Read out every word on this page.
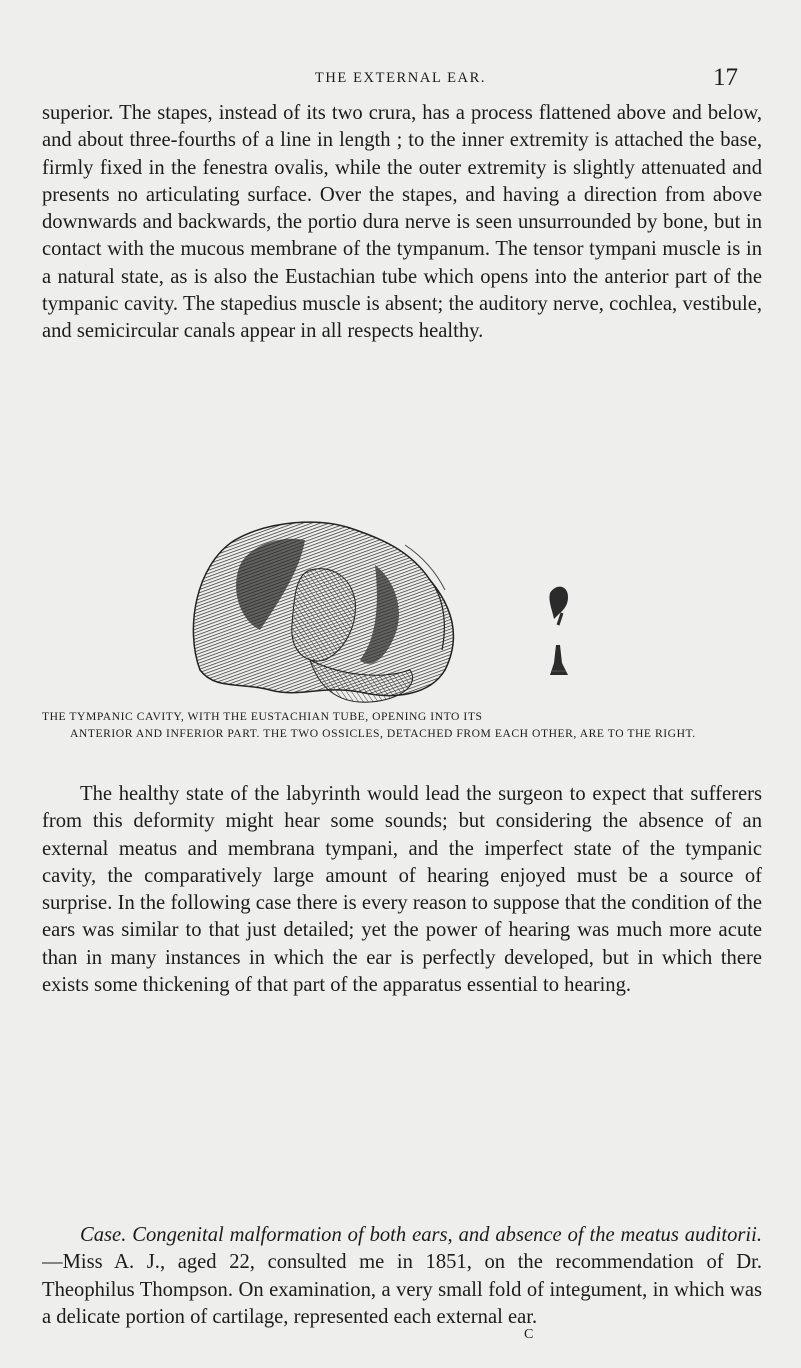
THE EXTERNAL EAR.	17

superior. The stapes, instead of its two crura, has a process flattened above and below, and about three-fourths of a line in length ; to the inner extremity is attached the base, firmly fixed in the fenestra ovalis, while the outer extremity is slightly attenuated and presents no articulating surface. Over the stapes, and having a direction from above downwards and backwards, the portio dura nerve is seen unsurrounded by bone, but in contact with the mucous membrane of the tympanum. The tensor tympani muscle is in a natural state, as is also the Eustachian tube which opens into the anterior part of the tympanic cavity. The stapedius muscle is absent; the auditory nerve, cochlea, vestibule, and semicircular canals appear in all respects healthy.

THE TYMPANIC CAVITY, WITH THE EUSTACHIAN TUBE, OPENING INTO ITS
ANTERIOR AND INFERIOR PART. THE TWO OSSICLES, DETACHED FROM EACH OTHER, ARE TO THE RIGHT.

The healthy state of the labyrinth would lead the surgeon to expect that sufferers from this deformity might hear some sounds; but considering the absence of an external meatus and membrana tympani, and the imperfect state of the tympanic cavity, the comparatively large amount of hearing enjoyed must be a source of surprise. In the following case there is every reason to suppose that the condition of the ears was similar to that just detailed; yet the power of hearing was much more acute than in many instances in which the ear is perfectly developed, but in which there exists some thickening of that part of the apparatus essential to hearing.

Case. Congenital malformation of both ears, and absence of the meatus auditorii.—Miss A. J., aged 22, consulted me in 1851, on the recommendation of Dr. Theophilus Thompson. On examination, a very small fold of integument, in which was a delicate portion of cartilage, represented each external ear.

C
